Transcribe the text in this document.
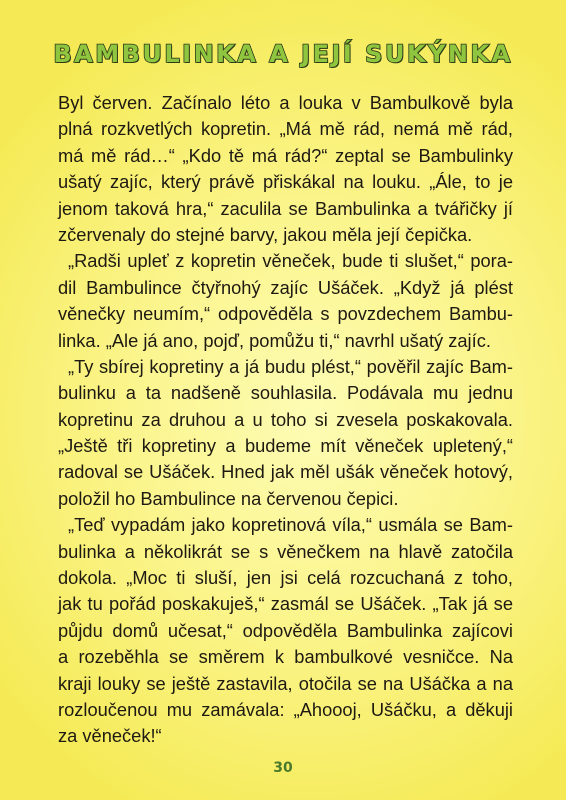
BAMBULINKA A JEJÍ SUKÝNKA
Byl červen. Začínalo léto a louka v Bambulkově byla
plná rozkvetlých kopretin. „Má mě rád, nemá mě rád,
má mě rád…“ „Kdo tě má rád?“ zeptal se Bambulinky
ušatý zajíc, který právě přiskákal na louku. „Ále, to je
jenom taková hra,“ zaculila se Bambulinka a tvářičky jí
zčervenaly do stejné barvy, jakou měla její čepička.
„Radši upleť z kopretin věneček, bude ti slušet,“ pora-
dil Bambulince čtyřnohý zajíc Ušáček. „Když já plést
věnečky neumím,“ odpověděla s povzdechem Bambu-
linka. „Ale já ano, pojď, pomůžu ti,“ navrhl ušatý zajíc.
„Ty sbírej kopretiny a já budu plést,“ pověřil zajíc Bam-
bulinku a ta nadšeně souhlasila. Podávala mu jednu
kopretinu za druhou a u toho si zvesela poskakovala.
„Ještě tři kopretiny a budeme mít věneček upletený,“
radoval se Ušáček. Hned jak měl ušák věneček hotový,
položil ho Bambulince na červenou čepici.
„Teď vypadám jako kopretinová víla,“ usmála se Bam-
bulinka a několikrát se s věnečkem na hlavě zatočila
dokola. „Moc ti sluší, jen jsi celá rozcuchaná z toho,
jak tu pořád poskakuješ,“ zasmál se Ušáček. „Tak já se
půjdu domů učesat,“ odpověděla Bambulinka zajícovi
a rozeběhla se směrem k bambulkové vesničce. Na
kraji louky se ještě zastavila, otočila se na Ušáčka a na
rozloučenou mu zamávala: „Ahoooj, Ušáčku, a děkuji
za věneček!“
30
